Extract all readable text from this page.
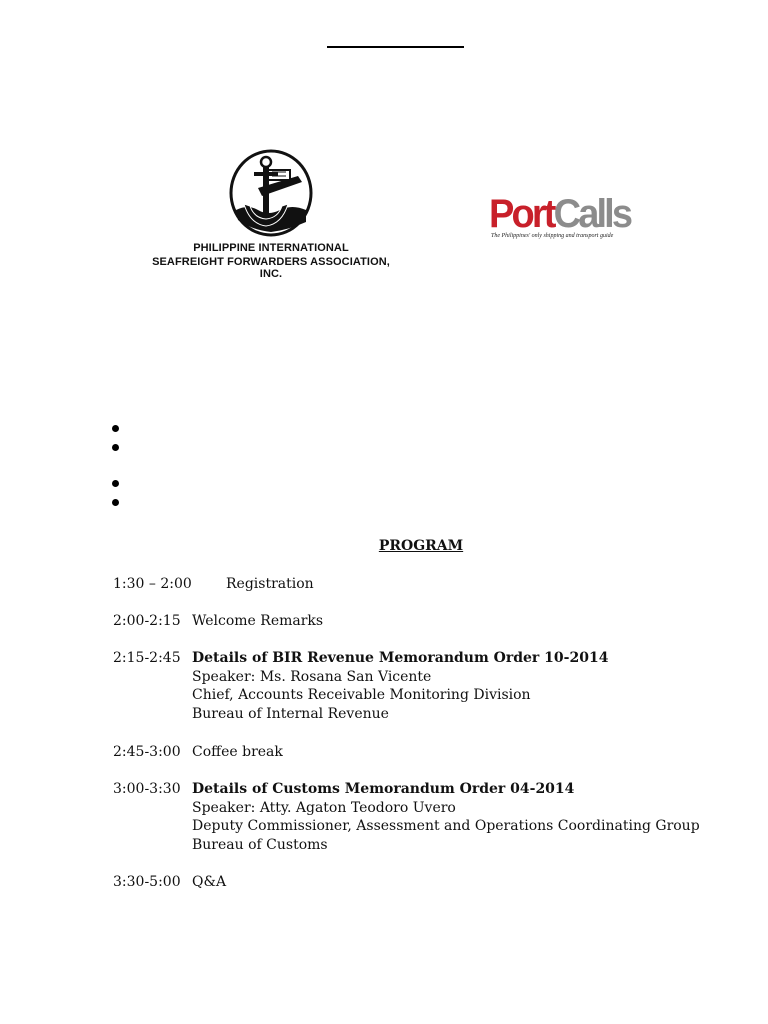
PHILIPPINE INTERNATIONAL
SEAFREIGHT FORWARDERS ASSOCIATION, INC.
PortCalls
The Philippines' only shipping and transport guide
PROGRAM
1:30 – 2:00 Registration
2:00-2:15 Welcome Remarks
2:15-2:45 Details of BIR Revenue Memorandum Order 10-2014
Speaker: Ms. Rosana San Vicente
Chief, Accounts Receivable Monitoring Division
Bureau of Internal Revenue
2:45-3:00 Coffee break
3:00-3:30 Details of Customs Memorandum Order 04-2014
Speaker: Atty. Agaton Teodoro Uvero
Deputy Commissioner, Assessment and Operations Coordinating Group
Bureau of Customs
3:30-5:00 Q&A
